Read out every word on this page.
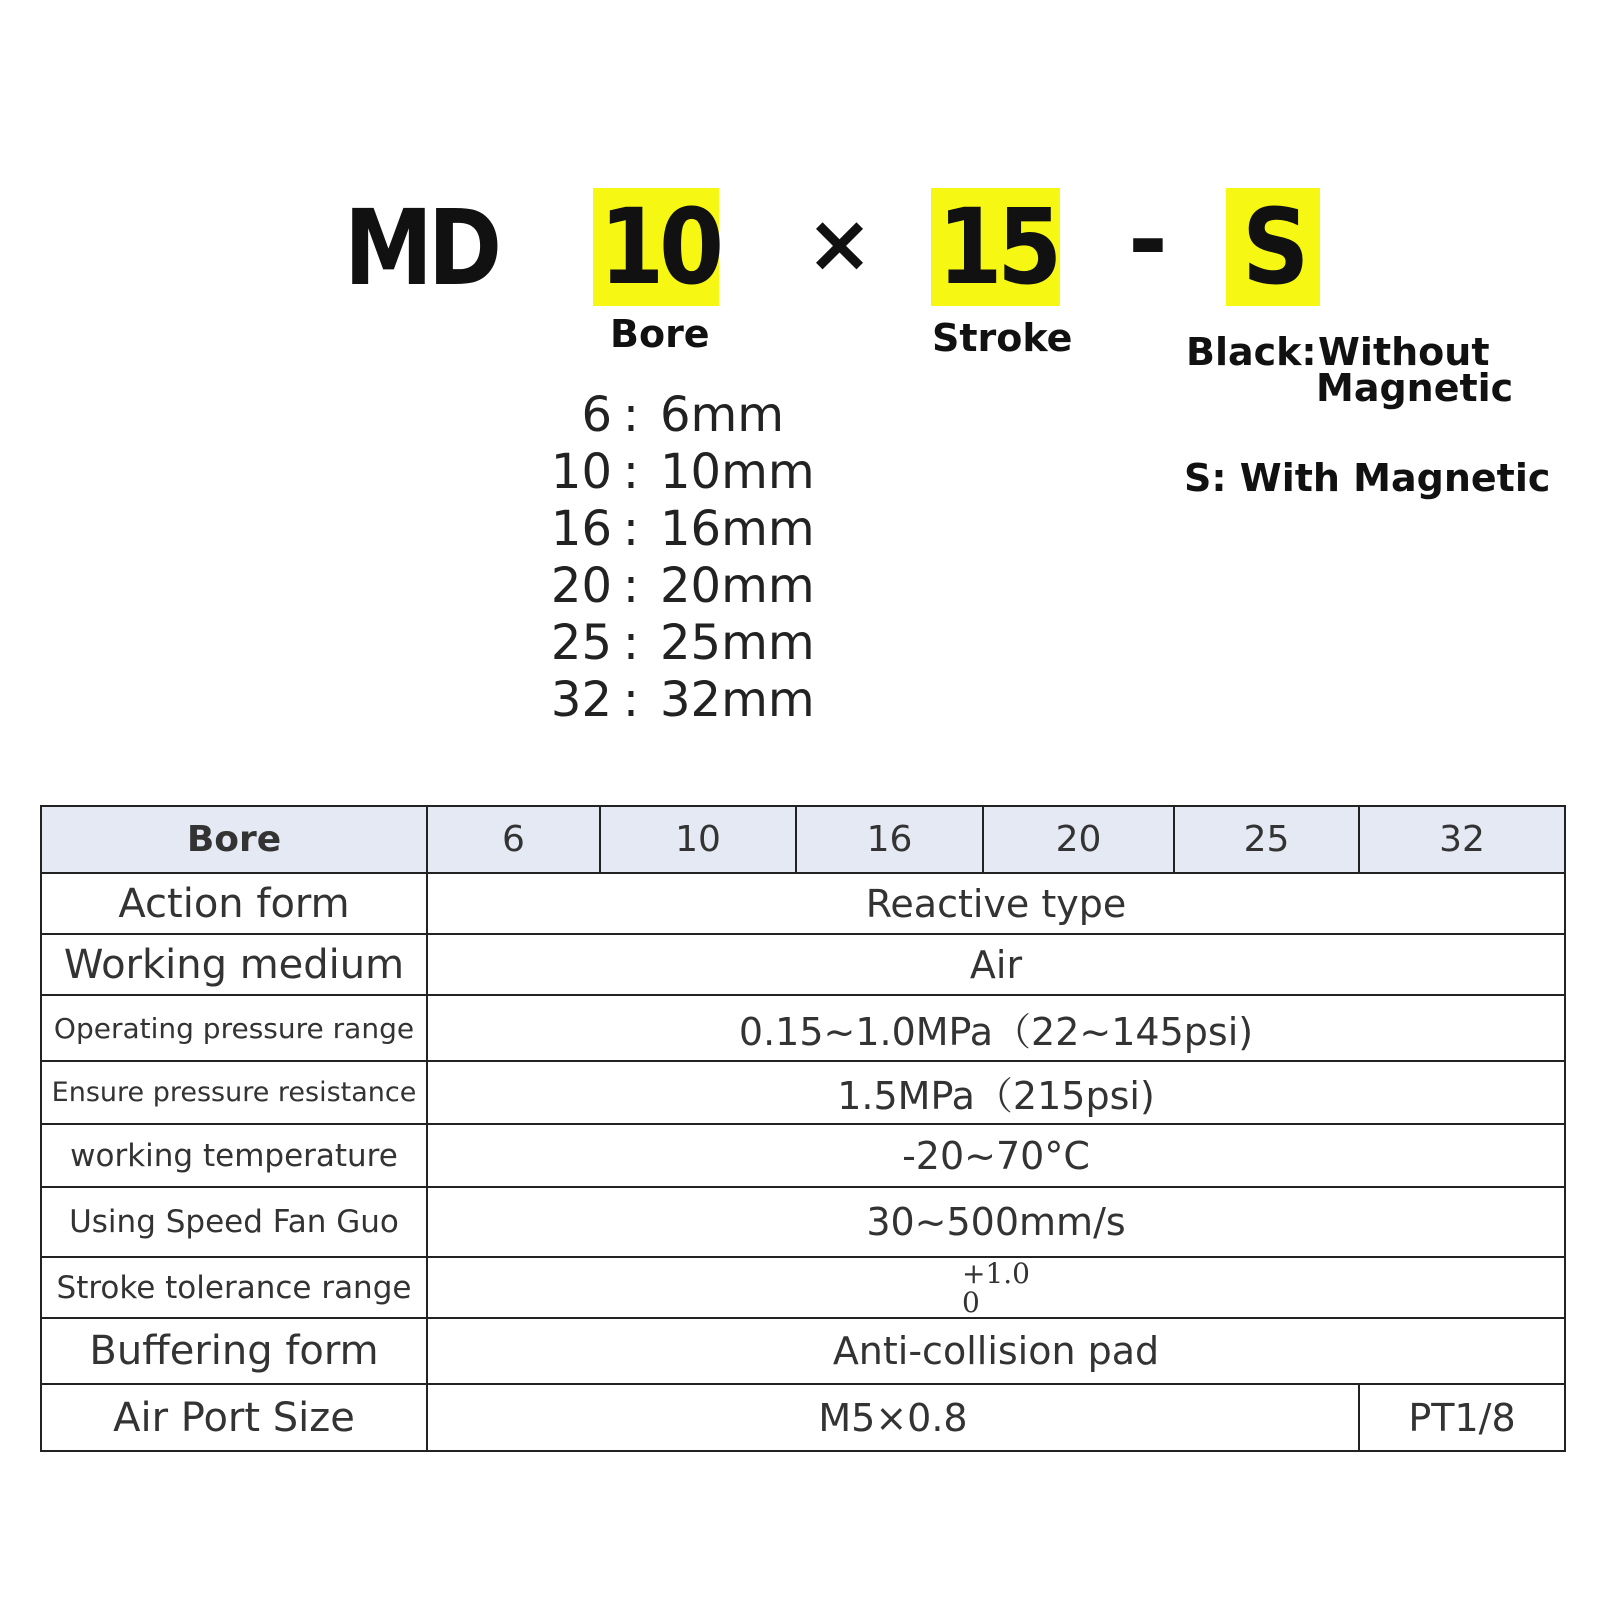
MD 10 × 15 - S
Bore	Stroke	Black: Without
Magnetic
S: With Magnetic
6 : 6mm
10 : 10mm
16 : 16mm
20 : 20mm
25 : 25mm
32 : 32mm
Bore	6	10	16	20	25	32
Action form	Reactive type					
Working medium	Air					
Operating pressure range	0.15~1.0MPa（22~145psi)					
Ensure pressure resistance	1.5MPa（215psi)					
working temperature	-20~70°C					
Using Speed Fan Guo	30~500mm/s					
Stroke tolerance range	+1.0
0					
Buffering form	Anti-collision pad					
Air Port Size	M5×0.8					PT1/8
